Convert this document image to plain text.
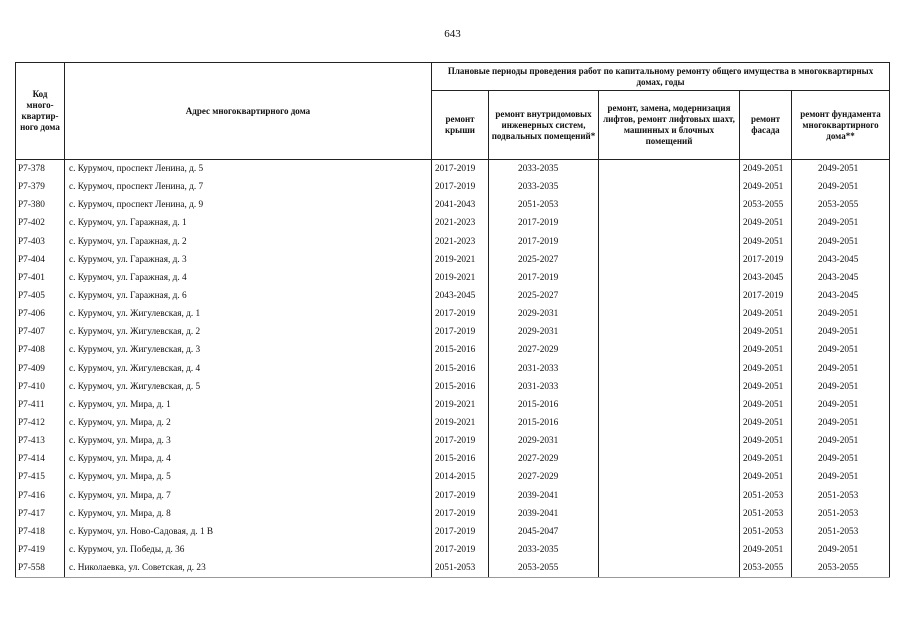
643
Код много-квартир-ного дома	Адрес многоквартирного дома	Плановые периоды проведения работ по капитальному ремонту общего имущества в многоквартирных домах, годы				
		ремонт крыши	ремонт внутридомовых инженерных систем, подвальных помещений*	ремонт, замена, модернизация лифтов, ремонт лифтовых шахт, машинных и блочных помещений	ремонт фасада	ремонт фундамента многоквартирного дома**
Р7-378	с. Курумоч, проспект Ленина, д. 5	2017-2019	2033-2035		2049-2051	2049-2051
Р7-379	с. Курумоч, проспект Ленина, д. 7	2017-2019	2033-2035		2049-2051	2049-2051
Р7-380	с. Курумоч, проспект Ленина, д. 9	2041-2043	2051-2053		2053-2055	2053-2055
Р7-402	с. Курумоч, ул. Гаражная, д. 1	2021-2023	2017-2019		2049-2051	2049-2051
Р7-403	с. Курумоч, ул. Гаражная, д. 2	2021-2023	2017-2019		2049-2051	2049-2051
Р7-404	с. Курумоч, ул. Гаражная, д. 3	2019-2021	2025-2027		2017-2019	2043-2045
Р7-401	с. Курумоч, ул. Гаражная, д. 4	2019-2021	2017-2019		2043-2045	2043-2045
Р7-405	с. Курумоч, ул. Гаражная, д. 6	2043-2045	2025-2027		2017-2019	2043-2045
Р7-406	с. Курумоч, ул. Жигулевская, д. 1	2017-2019	2029-2031		2049-2051	2049-2051
Р7-407	с. Курумоч, ул. Жигулевская, д. 2	2017-2019	2029-2031		2049-2051	2049-2051
Р7-408	с. Курумоч, ул. Жигулевская, д. 3	2015-2016	2027-2029		2049-2051	2049-2051
Р7-409	с. Курумоч, ул. Жигулевская, д. 4	2015-2016	2031-2033		2049-2051	2049-2051
Р7-410	с. Курумоч, ул. Жигулевская, д. 5	2015-2016	2031-2033		2049-2051	2049-2051
Р7-411	с. Курумоч, ул. Мира, д. 1	2019-2021	2015-2016		2049-2051	2049-2051
Р7-412	с. Курумоч, ул. Мира, д. 2	2019-2021	2015-2016		2049-2051	2049-2051
Р7-413	с. Курумоч, ул. Мира, д. 3	2017-2019	2029-2031		2049-2051	2049-2051
Р7-414	с. Курумоч, ул. Мира, д. 4	2015-2016	2027-2029		2049-2051	2049-2051
Р7-415	с. Курумоч, ул. Мира, д. 5	2014-2015	2027-2029		2049-2051	2049-2051
Р7-416	с. Курумоч, ул. Мира, д. 7	2017-2019	2039-2041		2051-2053	2051-2053
Р7-417	с. Курумоч, ул. Мира, д. 8	2017-2019	2039-2041		2051-2053	2051-2053
Р7-418	с. Курумоч, ул. Ново-Садовая, д. 1 В	2017-2019	2045-2047		2051-2053	2051-2053
Р7-419	с. Курумоч, ул. Победы, д. 36	2017-2019	2033-2035		2049-2051	2049-2051
Р7-558	с. Николаевка, ул. Советская, д. 23	2051-2053	2053-2055		2053-2055	2053-2055
